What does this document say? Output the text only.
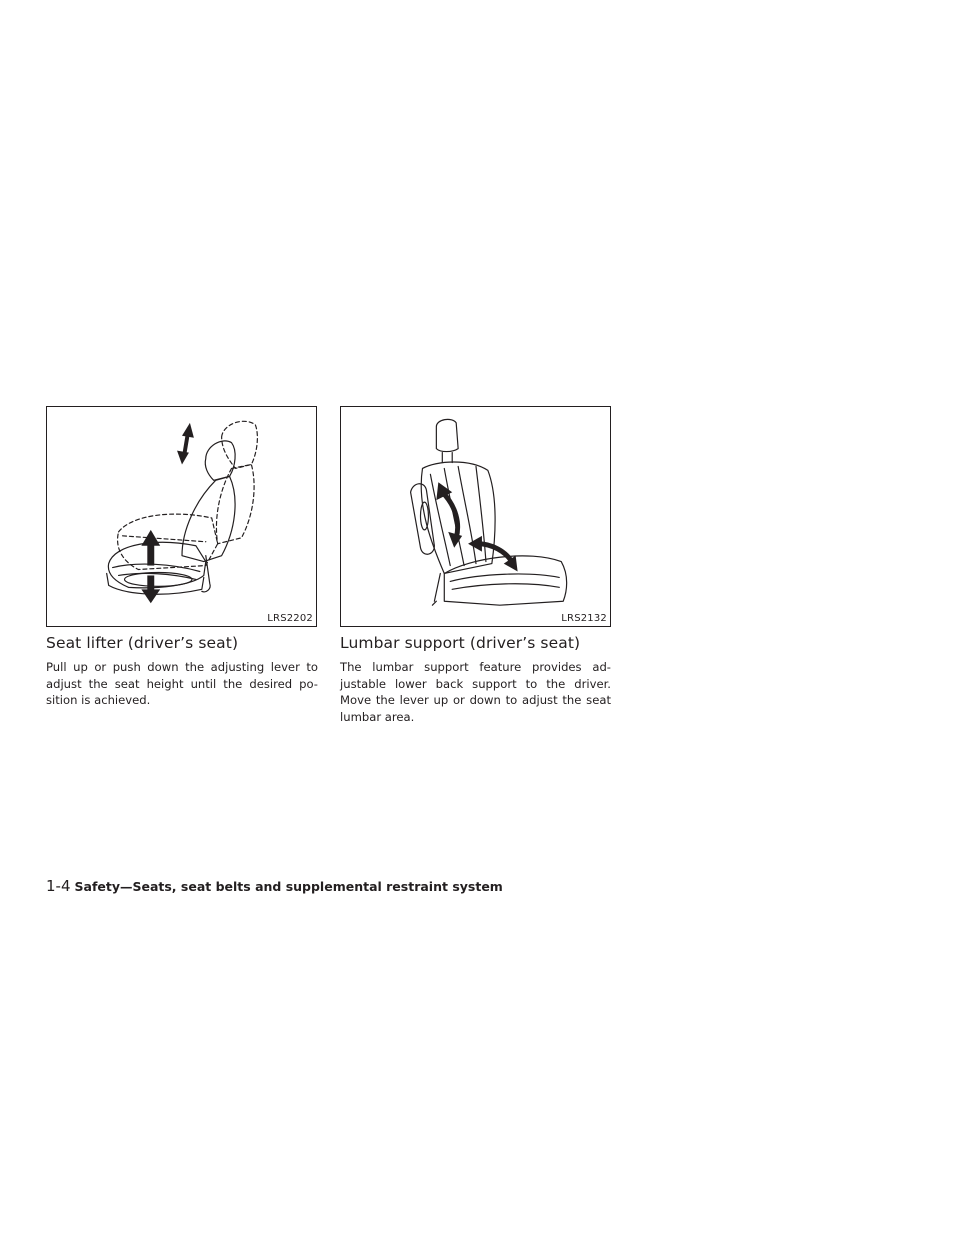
LRS2202	LRS2132
Seat lifter (driver’s seat)

Pull up or push down the adjusting lever to adjust the seat height until the desired po- sition is achieved.

Lumbar support (driver’s seat)

The lumbar support feature provides ad- justable lower back support to the driver. Move the lever up or down to adjust the seat lumbar area.

1-4 Safety—Seats, seat belts and supplemental restraint system
